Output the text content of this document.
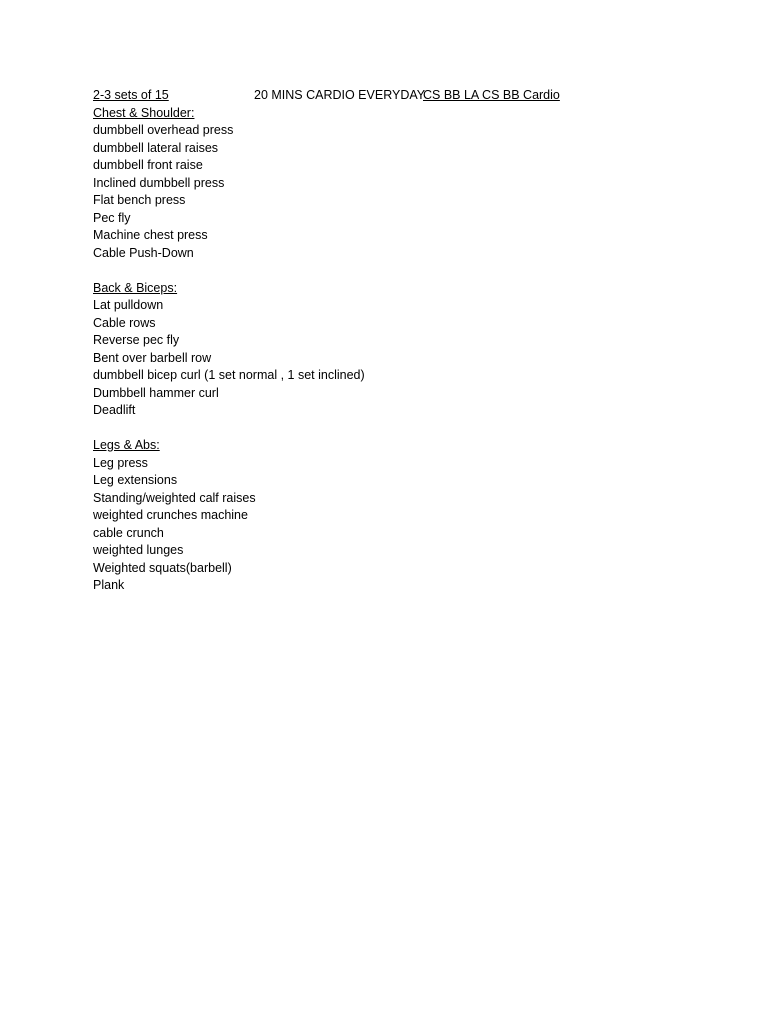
2-3 sets of 15	20 MINS CARDIO EVERYDAY
CS BB LA CS BB Cardio
Chest & Shoulder:
dumbbell overhead press
dumbbell lateral raises
dumbbell front raise
Inclined dumbbell press
Flat bench press
Pec fly
Machine chest press
Cable Push-Down
Back & Biceps:
Lat pulldown
Cable rows
Reverse pec fly
Bent over barbell row
dumbbell bicep curl (1 set normal , 1 set inclined)
Dumbbell hammer curl
Deadlift
Legs & Abs:
Leg press
Leg extensions
Standing/weighted calf raises
weighted crunches machine
cable crunch
weighted lunges
Weighted squats(barbell)
Plank
